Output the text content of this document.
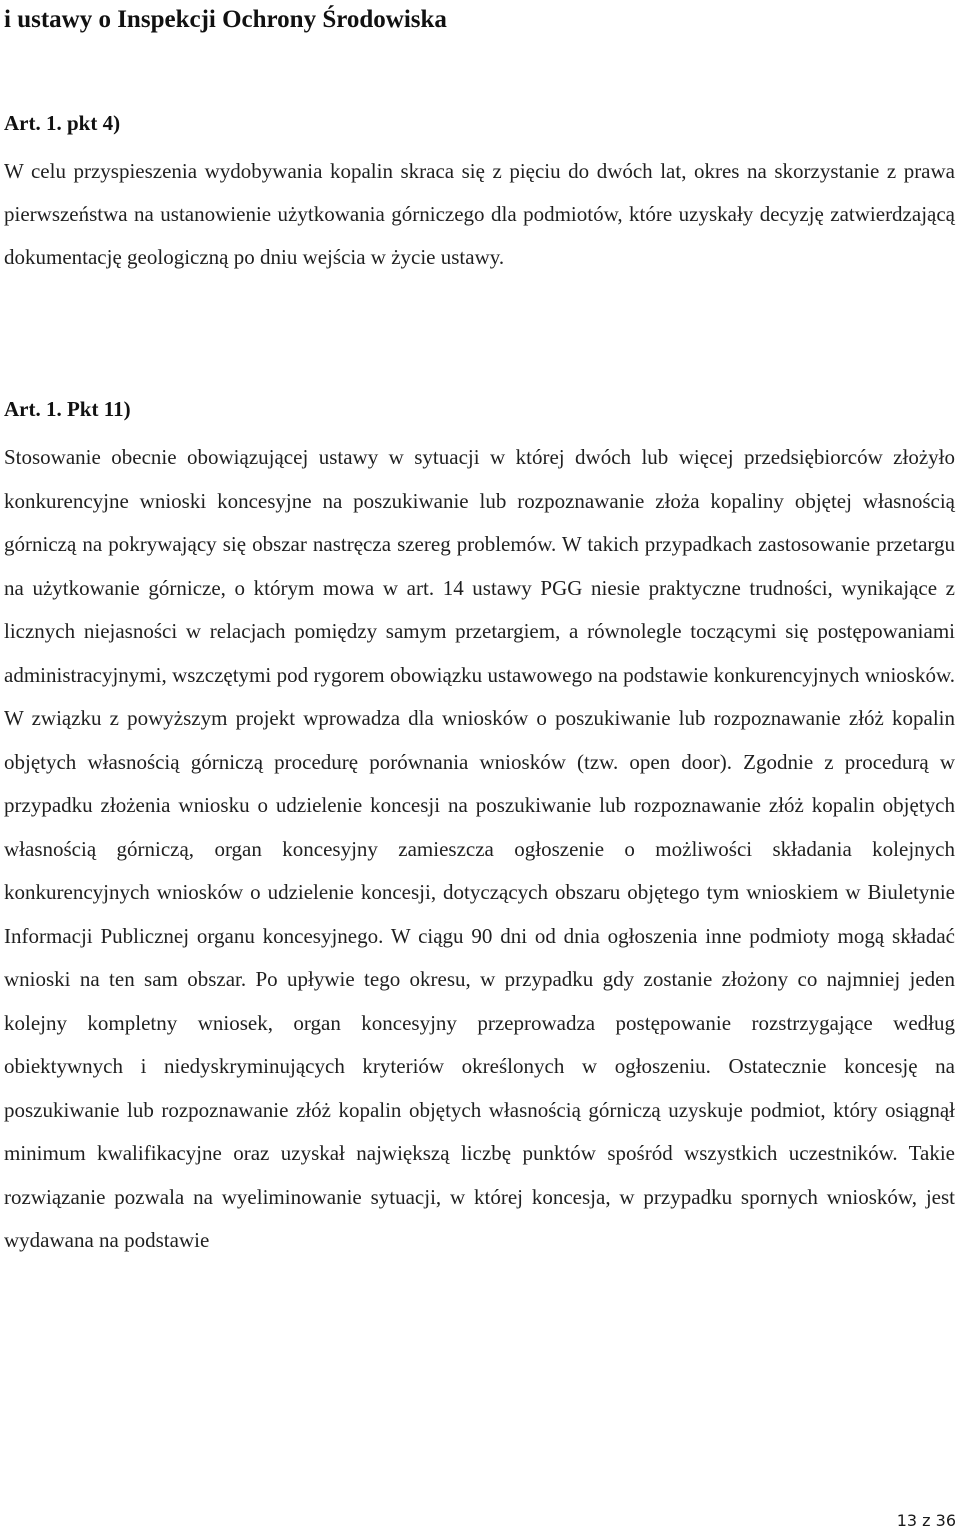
i ustawy o Inspekcji Ochrony Środowiska
Art. 1. pkt 4)

W celu przyspieszenia wydobywania kopalin skraca się z pięciu do dwóch lat, okres na skorzystanie z prawa pierwszeństwa na ustanowienie użytkowania górniczego dla podmiotów, które uzyskały decyzję zatwierdzającą dokumentację geologiczną po dniu wejścia w życie ustawy.

Art. 1. Pkt 11)

Stosowanie obecnie obowiązującej ustawy w sytuacji w której dwóch lub więcej przedsiębiorców złożyło konkurencyjne wnioski koncesyjne na poszukiwanie lub rozpoznawanie złoża kopaliny objętej własnością górniczą na pokrywający się obszar nastręcza szereg problemów. W takich przypadkach zastosowanie przetargu na użytkowanie górnicze, o którym mowa w art. 14 ustawy PGG niesie praktyczne trudności, wynikające z licznych niejasności w relacjach pomiędzy samym przetargiem, a równolegle toczącymi się postępowaniami administracyjnymi, wszczętymi pod rygorem obowiązku ustawowego na podstawie konkurencyjnych wniosków. W związku z powyższym projekt wprowadza dla wniosków o poszukiwanie lub rozpoznawanie złóż kopalin objętych własnością górniczą procedurę porównania wniosków (tzw. open door). Zgodnie z procedurą w przypadku złożenia wniosku o udzielenie koncesji na poszukiwanie lub rozpoznawanie złóż kopalin objętych własnością górniczą, organ koncesyjny zamieszcza ogłoszenie o możliwości składania kolejnych konkurencyjnych wniosków o udzielenie koncesji, dotyczących obszaru objętego tym wnioskiem w Biuletynie Informacji Publicznej organu koncesyjnego. W ciągu 90 dni od dnia ogłoszenia inne podmioty mogą składać wnioski na ten sam obszar. Po upływie tego okresu, w przypadku gdy zostanie złożony co najmniej jeden kolejny kompletny wniosek, organ koncesyjny przeprowadza postępowanie rozstrzygające według obiektywnych i niedyskryminujących kryteriów określonych w ogłoszeniu. Ostatecznie koncesję na poszukiwanie lub rozpoznawanie złóż kopalin objętych własnością górniczą uzyskuje podmiot, który osiągnął minimum kwalifikacyjne oraz uzyskał największą liczbę punktów spośród wszystkich uczestników. Takie rozwiązanie pozwala na wyeliminowanie sytuacji, w której koncesja, w przypadku spornych wniosków, jest wydawana na podstawie

13 z 36
